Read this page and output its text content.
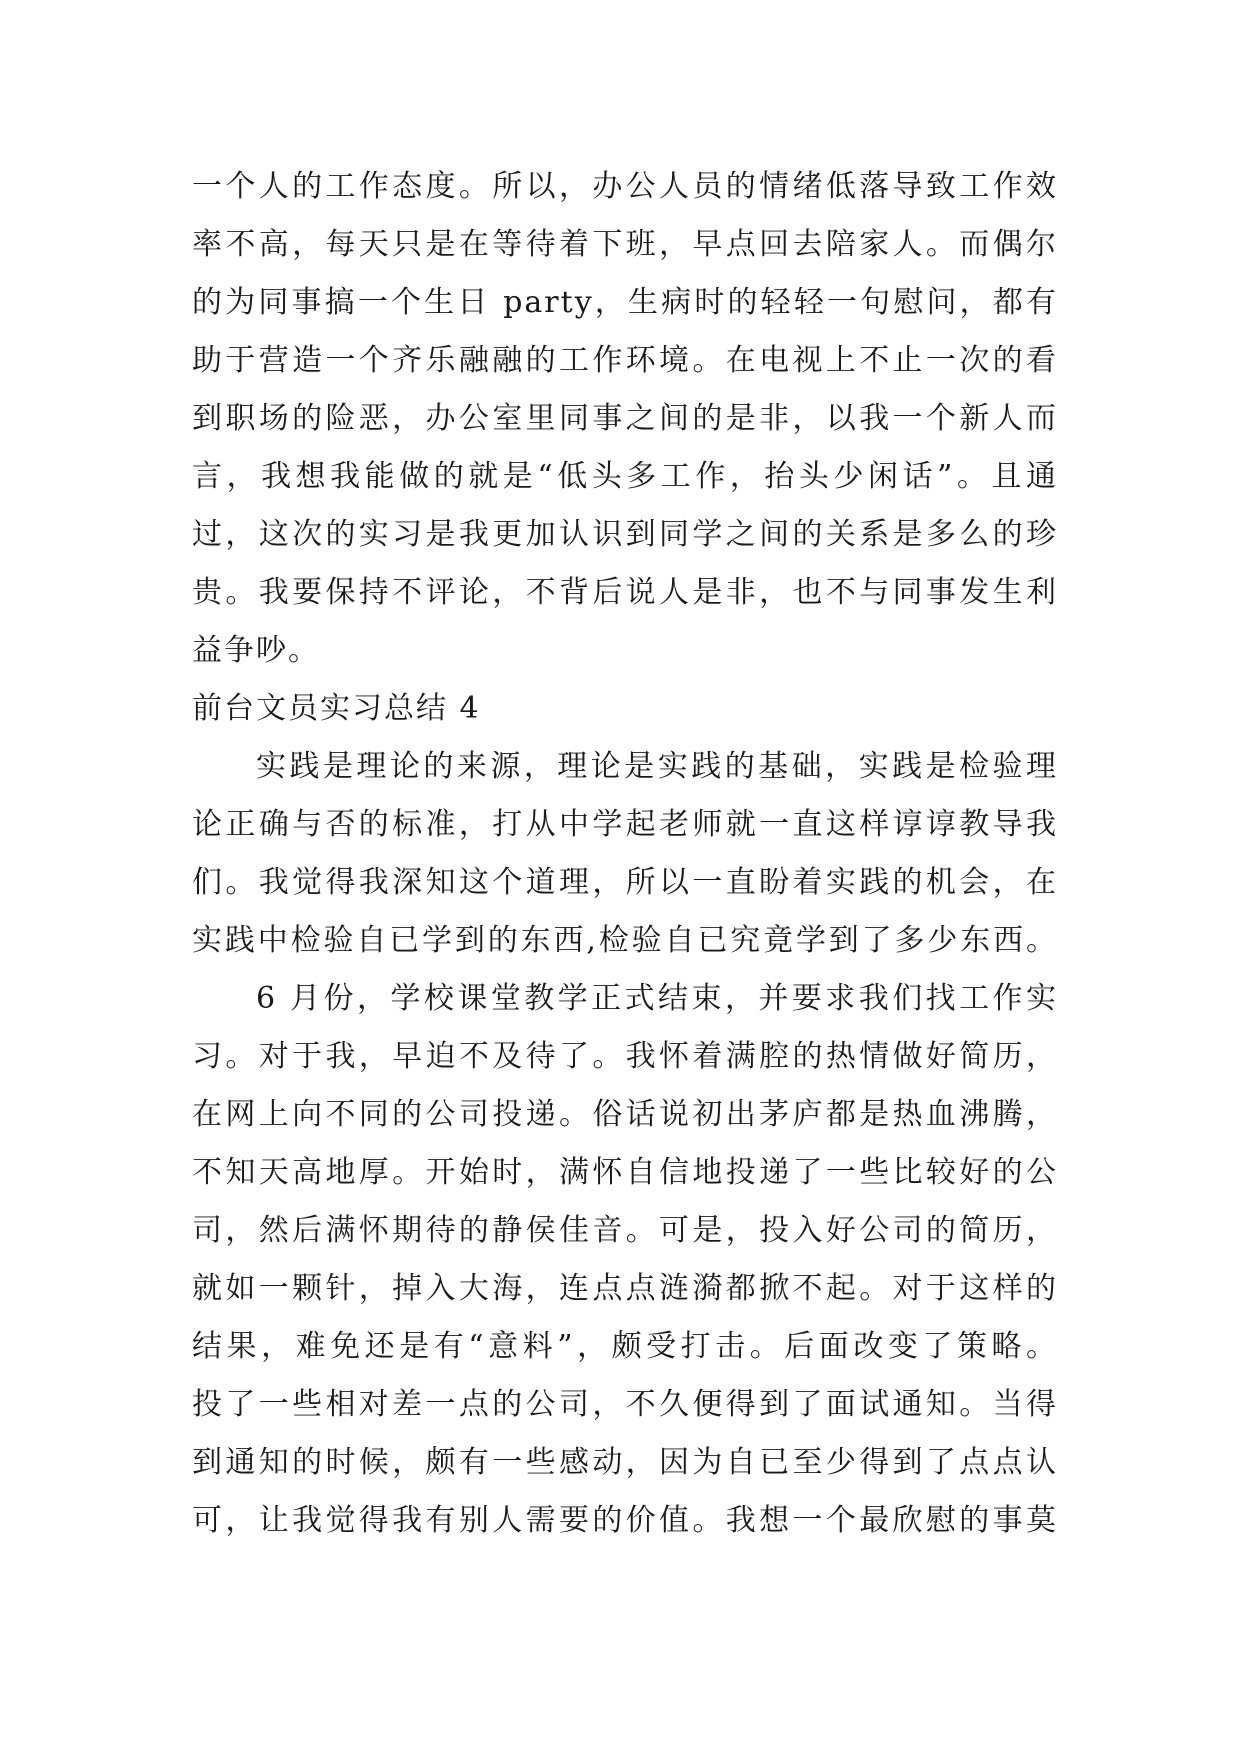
一个人的工作态度。所以，办公人员的情绪低落导致工作效
率不高，每天只是在等待着下班，早点回去陪家人。而偶尔
的为同事搞一个生日 party，生病时的轻轻一句慰问，都有
助于营造一个齐乐融融的工作环境。在电视上不止一次的看
到职场的险恶，办公室里同事之间的是非，以我一个新人而
言，我想我能做的就是“低头多工作，抬头少闲话”。且通
过，这次的实习是我更加认识到同学之间的关系是多么的珍
贵。我要保持不评论，不背后说人是非，也不与同事发生利
益争吵。
前台文员实习总结 4
实践是理论的来源，理论是实践的基础，实践是检验理
论正确与否的标准，打从中学起老师就一直这样谆谆教导我
们。我觉得我深知这个道理，所以一直盼着实践的机会，在
实践中检验自已学到的东西,检验自已究竟学到了多少东西。
6 月份，学校课堂教学正式结束，并要求我们找工作实
习。对于我，早迫不及待了。我怀着满腔的热情做好简历，
在网上向不同的公司投递。俗话说初出茅庐都是热血沸腾，
不知天高地厚。开始时，满怀自信地投递了一些比较好的公
司，然后满怀期待的静侯佳音。可是，投入好公司的简历，
就如一颗针，掉入大海，连点点涟漪都掀不起。对于这样的
结果，难免还是有“意料”，颇受打击。后面改变了策略。
投了一些相对差一点的公司，不久便得到了面试通知。当得
到通知的时候，颇有一些感动，因为自已至少得到了点点认
可，让我觉得我有别人需要的价值。我想一个最欣慰的事莫
